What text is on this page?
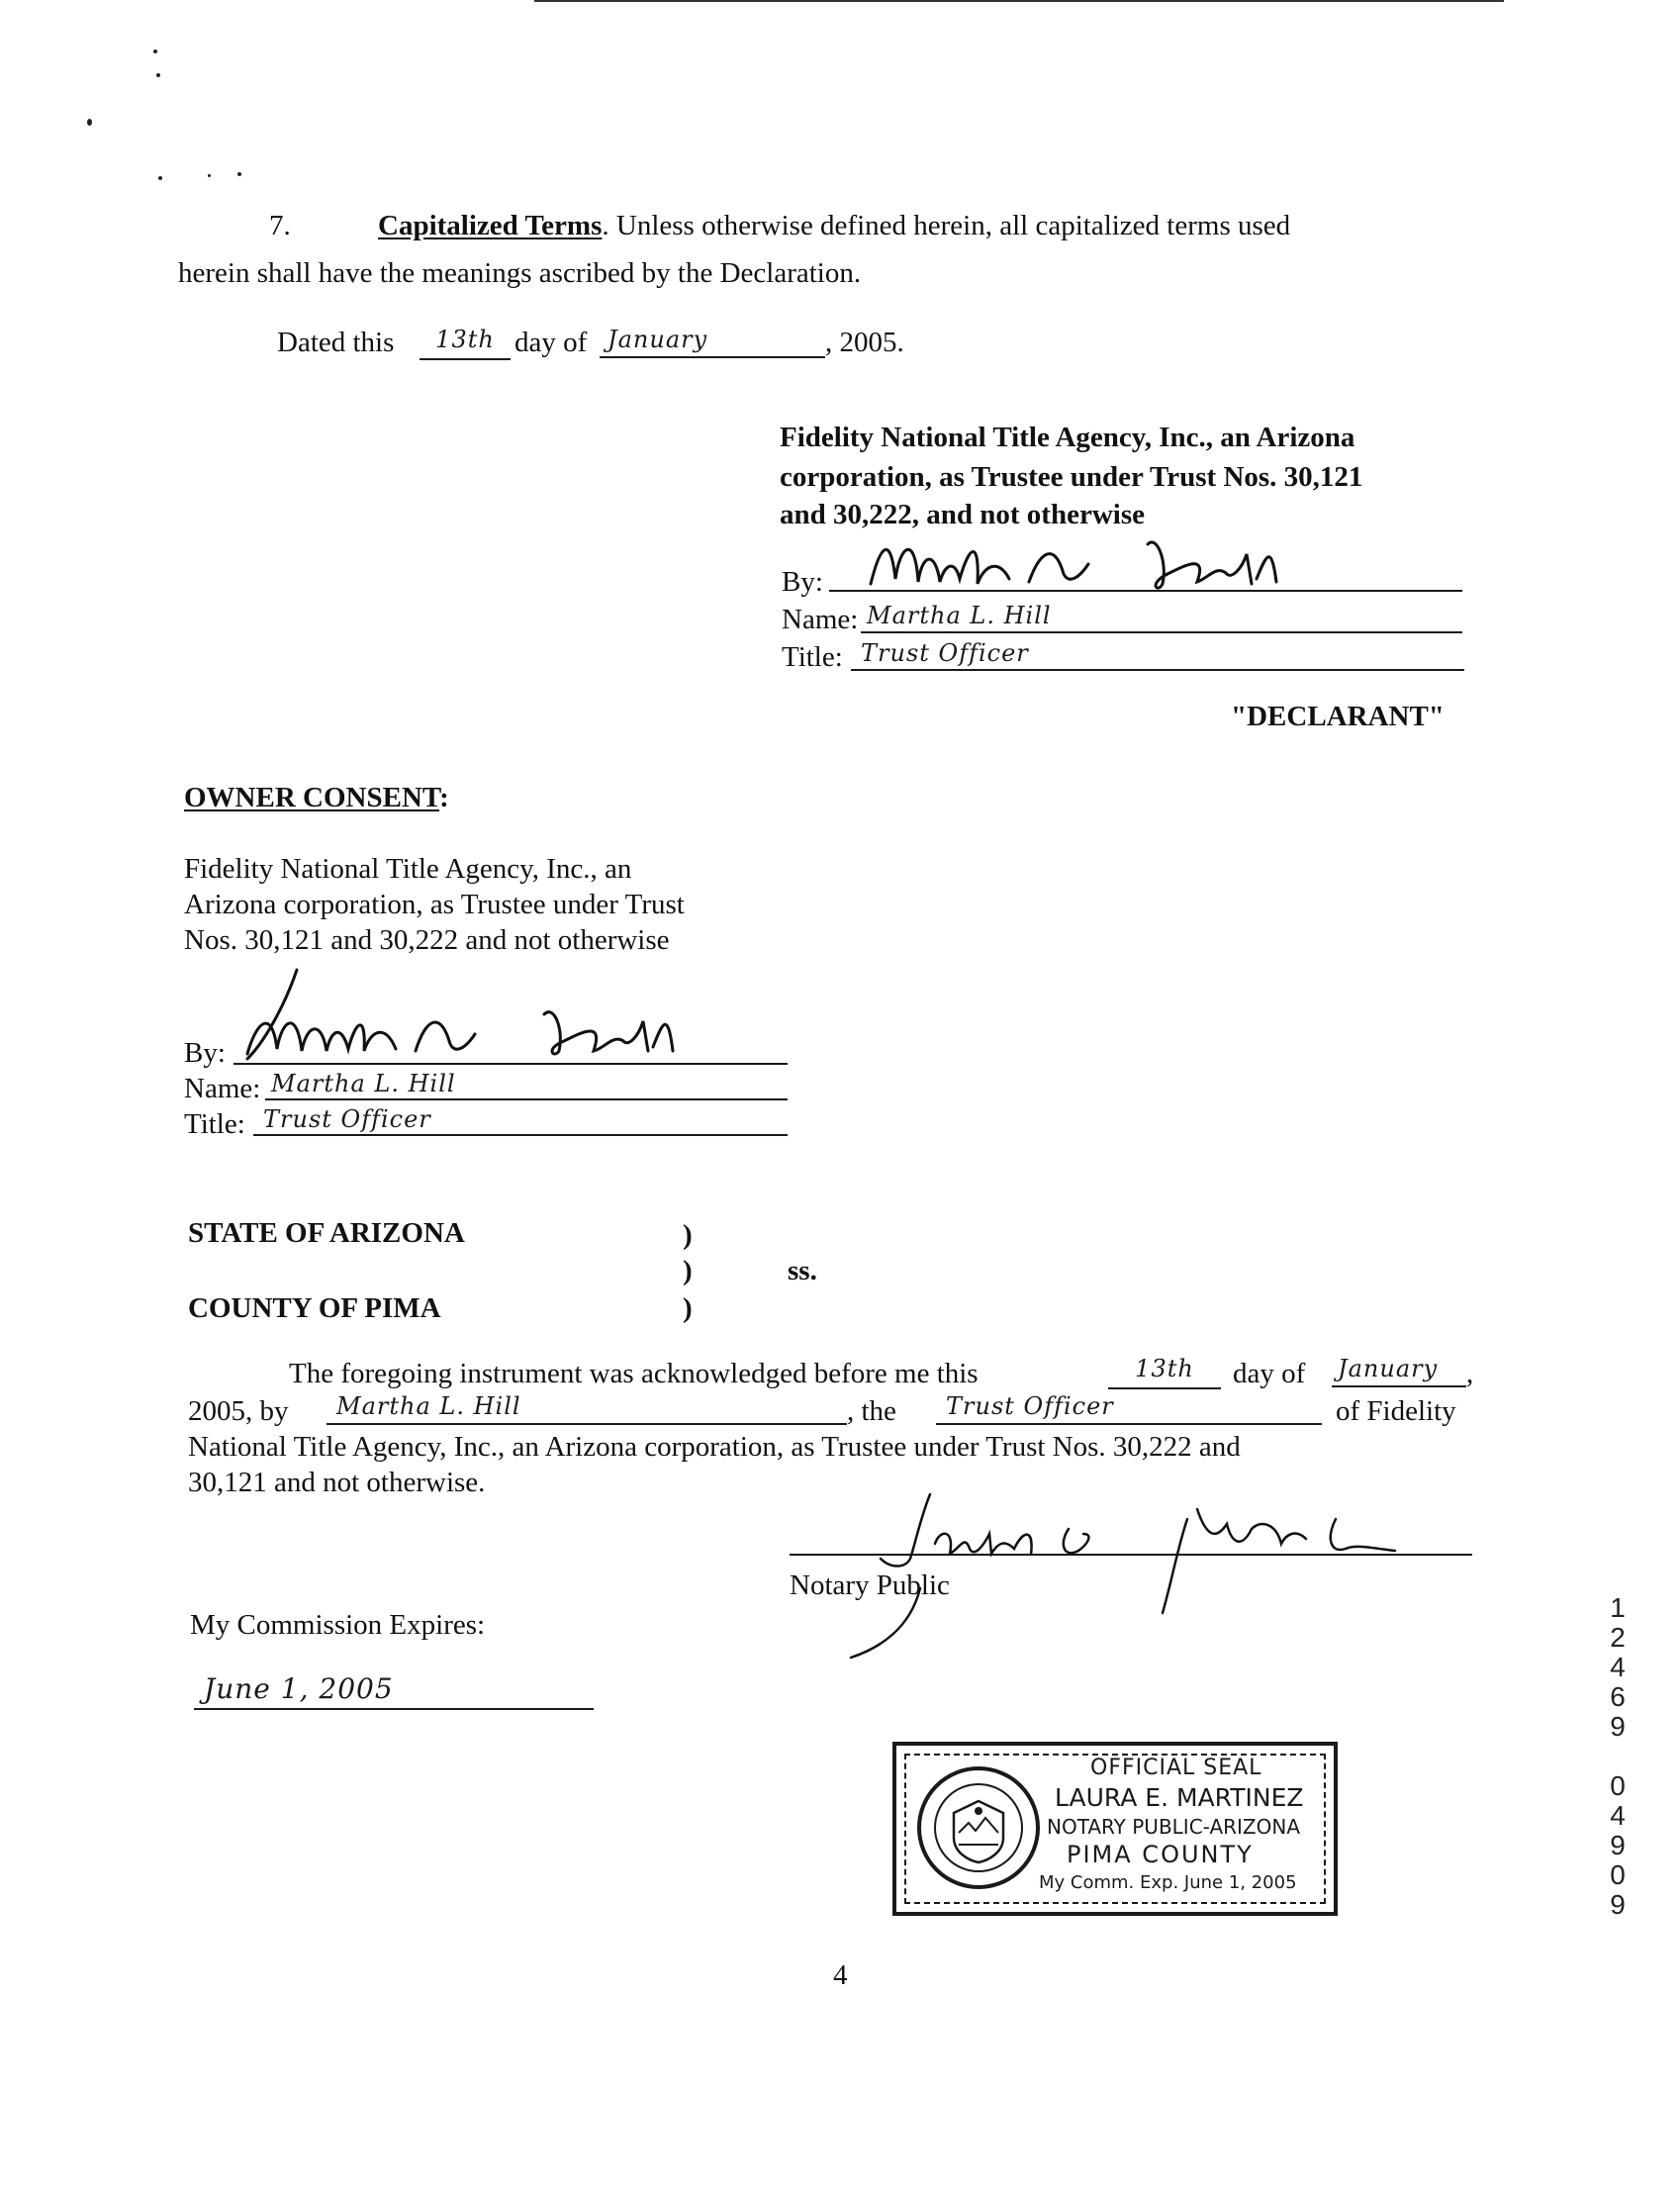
7.	Capitalized Terms. Unless otherwise defined herein, all capitalized terms used
herein shall have the meanings ascribed by the Declaration.
Dated this	13th day of January	, 2005.
Fidelity National Title Agency, Inc., an Arizona
corporation, as Trustee under Trust Nos. 30,121
and 30,222, and not otherwise
By:
Name: Martha L. Hill
Title: Trust Officer
"DECLARANT"
OWNER CONSENT:
Fidelity National Title Agency, Inc., an
Arizona corporation, as Trustee under Trust
Nos. 30,121 and 30,222 and not otherwise
By:
Name: Martha L. Hill
Title: Trust Officer
STATE OF ARIZONA	)
)	ss.
COUNTY OF PIMA	)
The foregoing instrument was acknowledged before me this	13th	day of January ,
2005, by	Martha L. Hill	, the	Trust Officer	of Fidelity
National Title Agency, Inc., an Arizona corporation, as Trustee under Trust Nos. 30,222 and
30,121 and not otherwise.
Notary Public
My Commission Expires:
June 1, 2005
OFFICIAL SEAL
LAURA E. MARTINEZ
NOTARY PUBLIC-ARIZONA
PIMA COUNTY
My Comm. Exp. June 1, 2005
4
1
2
4
6
9
0
4
9
0
9
